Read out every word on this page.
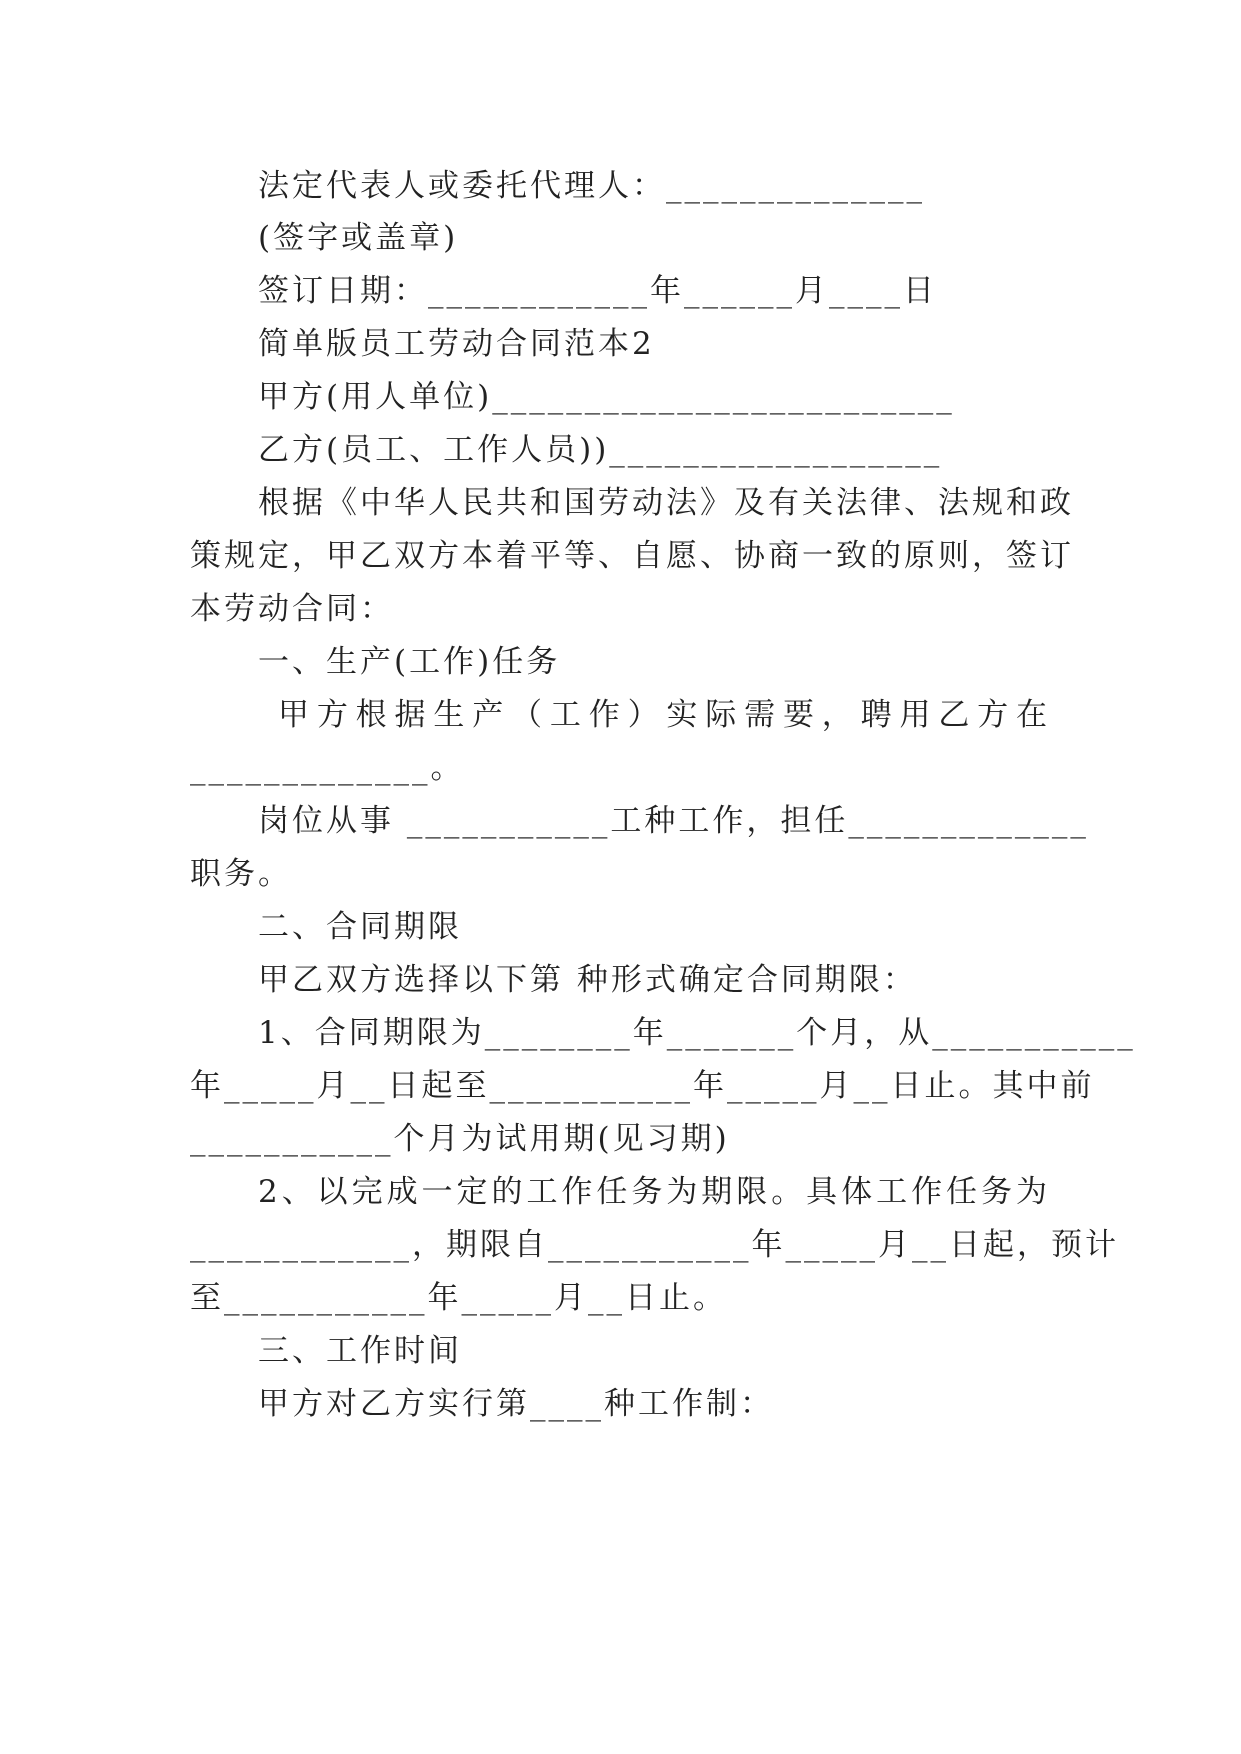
法定代表人或委托代理人：______________
(签字或盖章)
签订日期：____________年______月____日
简单版员工劳动合同范本2
甲方(用人单位)_________________________
乙方(员工、工作人员))__________________
根据《中华人民共和国劳动法》及有关法律、法规和政
策规定，甲乙双方本着平等、自愿、协商一致的原则，签订
本劳动合同：
一、生产(工作)任务
甲方根据生产（工作）实际需要，聘用乙方在
_____________。
岗位从事 ___________工种工作，担任_____________
职务。
二、合同期限
甲乙双方选择以下第 种形式确定合同期限：
1、合同期限为________年_______个月，从___________
年_____月__日起至___________年_____月__日止。其中前
___________个月为试用期(见习期)
2、以完成一定的工作任务为期限。具体工作任务为
____________，期限自___________年_____月__日起，预计
至___________年_____月__日止。
三、工作时间
甲方对乙方实行第____种工作制：
